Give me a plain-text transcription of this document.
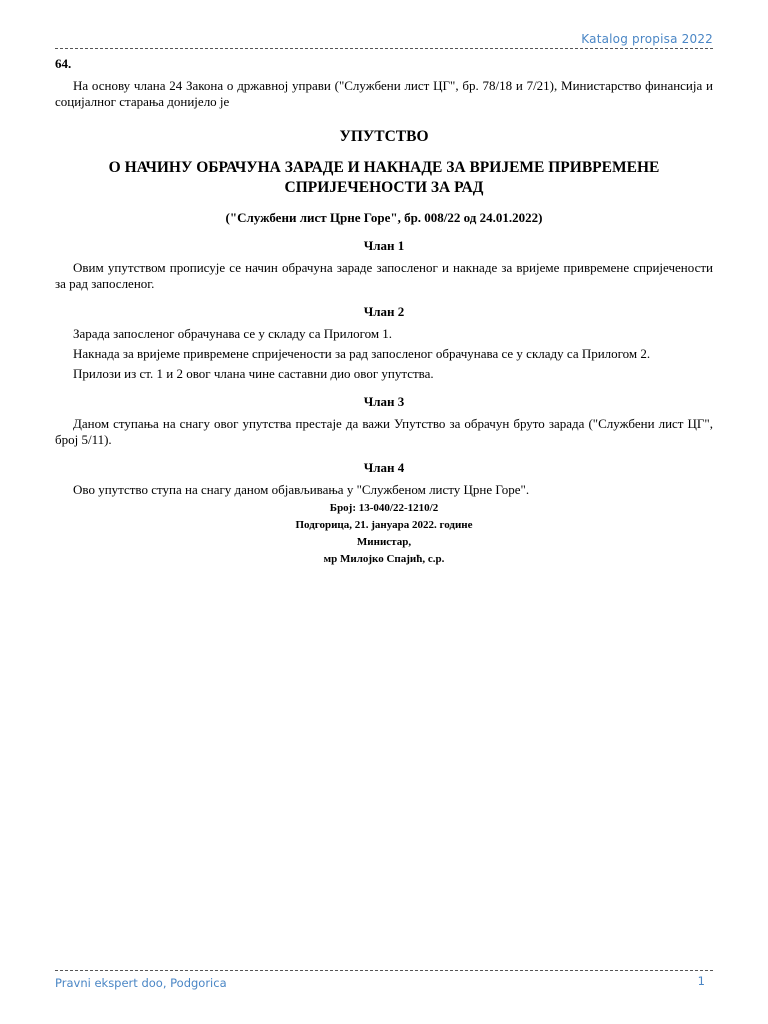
Katalog propisa 2022

64.

На основу члана 24 Закона о државној управи ("Службени лист ЦГ", бр. 78/18 и 7/21), Министарство финансија и социјалног старања донијело је

УПУТСТВО
О НАЧИНУ ОБРАЧУНА ЗАРАДЕ И НАКНАДЕ ЗА ВРИЈЕМЕ ПРИВРЕМЕНЕ СПРИЈЕЧЕНОСТИ ЗА РАД
("Службени лист Црне Горе", бр. 008/22 од 24.01.2022)
Члан 1

Овим упутством прописује се начин обрачуна зараде запосленог и накнаде за вријеме привремене спријечености за рад запосленог.

Члан 2

Зарада запосленог обрачунава се у складу са Прилогом 1.

Накнада за вријеме привремене спријечености за рад запосленог обрачунава се у складу са Прилогом 2.

Прилози из ст. 1 и 2 овог члана чине саставни дио овог упутства.

Члан 3

Даном ступања на снагу овог упутства престаје да важи Упутство за обрачун бруто зарада ("Службени лист ЦГ", број 5/11).

Члан 4

Ово упутство ступа на снагу даном објављивања у "Службеном листу Црне Горе".

Број: 13-040/22-1210/2
Подгорица, 21. јануара 2022. године
Министар,
мр Милојко Спајић, с.р.
Pravni ekspert doo, Podgorica	1
